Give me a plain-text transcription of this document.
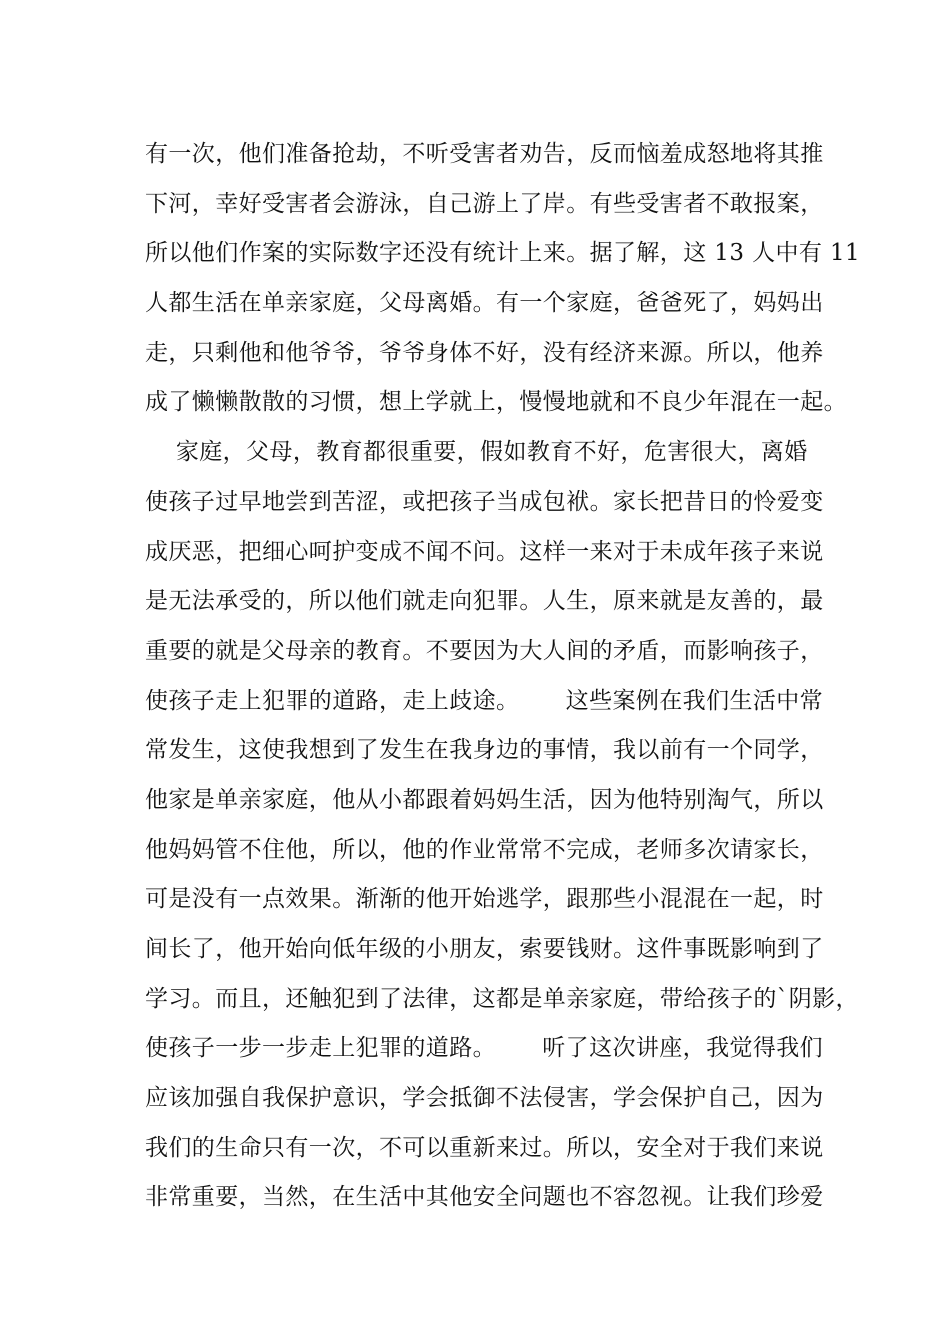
有一次，他们准备抢劫，不听受害者劝告，反而恼羞成怒地将其推
下河，幸好受害者会游泳，自己游上了岸。有些受害者不敢报案，
所以他们作案的实际数字还没有统计上来。据了解，这 13 人中有 11
人都生活在单亲家庭，父母离婚。有一个家庭，爸爸死了，妈妈出
走，只剩他和他爷爷，爷爷身体不好，没有经济来源。所以，他养
成了懒懒散散的习惯，想上学就上，慢慢地就和不良少年混在一起。
家庭，父母，教育都很重要，假如教育不好，危害很大，离婚
使孩子过早地尝到苦涩，或把孩子当成包袱。家长把昔日的怜爱变
成厌恶，把细心呵护变成不闻不问。这样一来对于未成年孩子来说
是无法承受的，所以他们就走向犯罪。人生，原来就是友善的，最
重要的就是父母亲的教育。不要因为大人间的矛盾，而影响孩子，
使孩子走上犯罪的道路，走上歧途。      这些案例在我们生活中常
常发生，这使我想到了发生在我身边的事情，我以前有一个同学，
他家是单亲家庭，他从小都跟着妈妈生活，因为他特别淘气，所以
他妈妈管不住他，所以，他的作业常常不完成，老师多次请家长，
可是没有一点效果。渐渐的他开始逃学，跟那些小混混在一起，时
间长了，他开始向低年级的小朋友，索要钱财。这件事既影响到了
学习。而且，还触犯到了法律，这都是单亲家庭，带给孩子的`阴影，
使孩子一步一步走上犯罪的道路。      听了这次讲座，我觉得我们
应该加强自我保护意识，学会抵御不法侵害，学会保护自己，因为
我们的生命只有一次，不可以重新来过。所以，安全对于我们来说
非常重要，当然，在生活中其他安全问题也不容忽视。让我们珍爱
